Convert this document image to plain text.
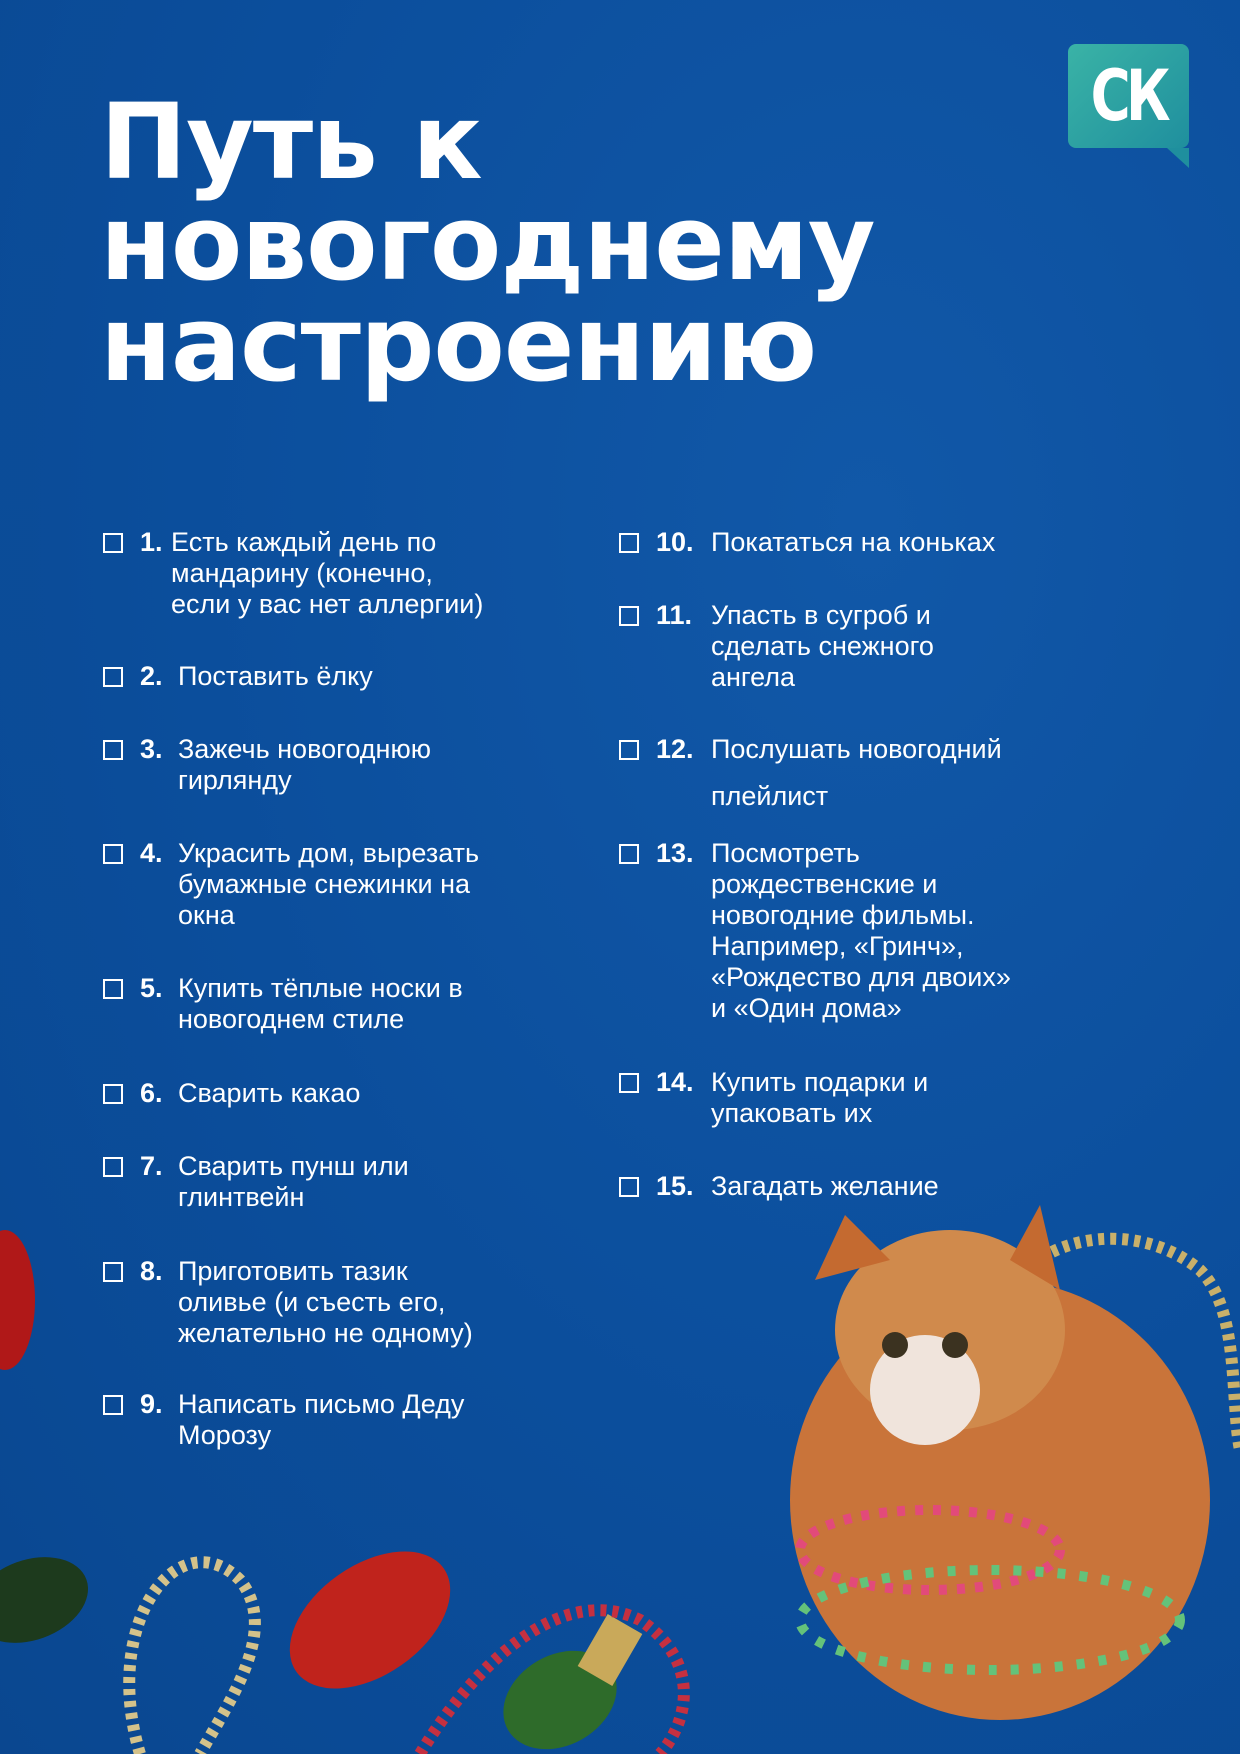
Путь к
новогоднему
настроению
СК
1. Есть каждый день по
мандарину (конечно,
если у вас нет аллергии)
2. Поставить ёлку
3. Зажечь новогоднюю
гирлянду
4. Украсить дом, вырезать
бумажные снежинки на
окна
5. Купить тёплые носки в
новогоднем стиле
6. Сварить какао
7. Сварить пунш или
глинтвейн
8. Приготовить тазик
оливье (и съесть его,
желательно не одному)
9. Написать письмо Деду
Морозу
10. Покататься на коньках
11. Упасть в сугроб и
сделать снежного
ангела
12. Послушать новогодний
плейлист
13. Посмотреть
рождественские и
новогодние фильмы.
Например, «Гринч»,
«Рождество для двоих»
и «Один дома»
14. Купить подарки и
упаковать их
15. Загадать желание
